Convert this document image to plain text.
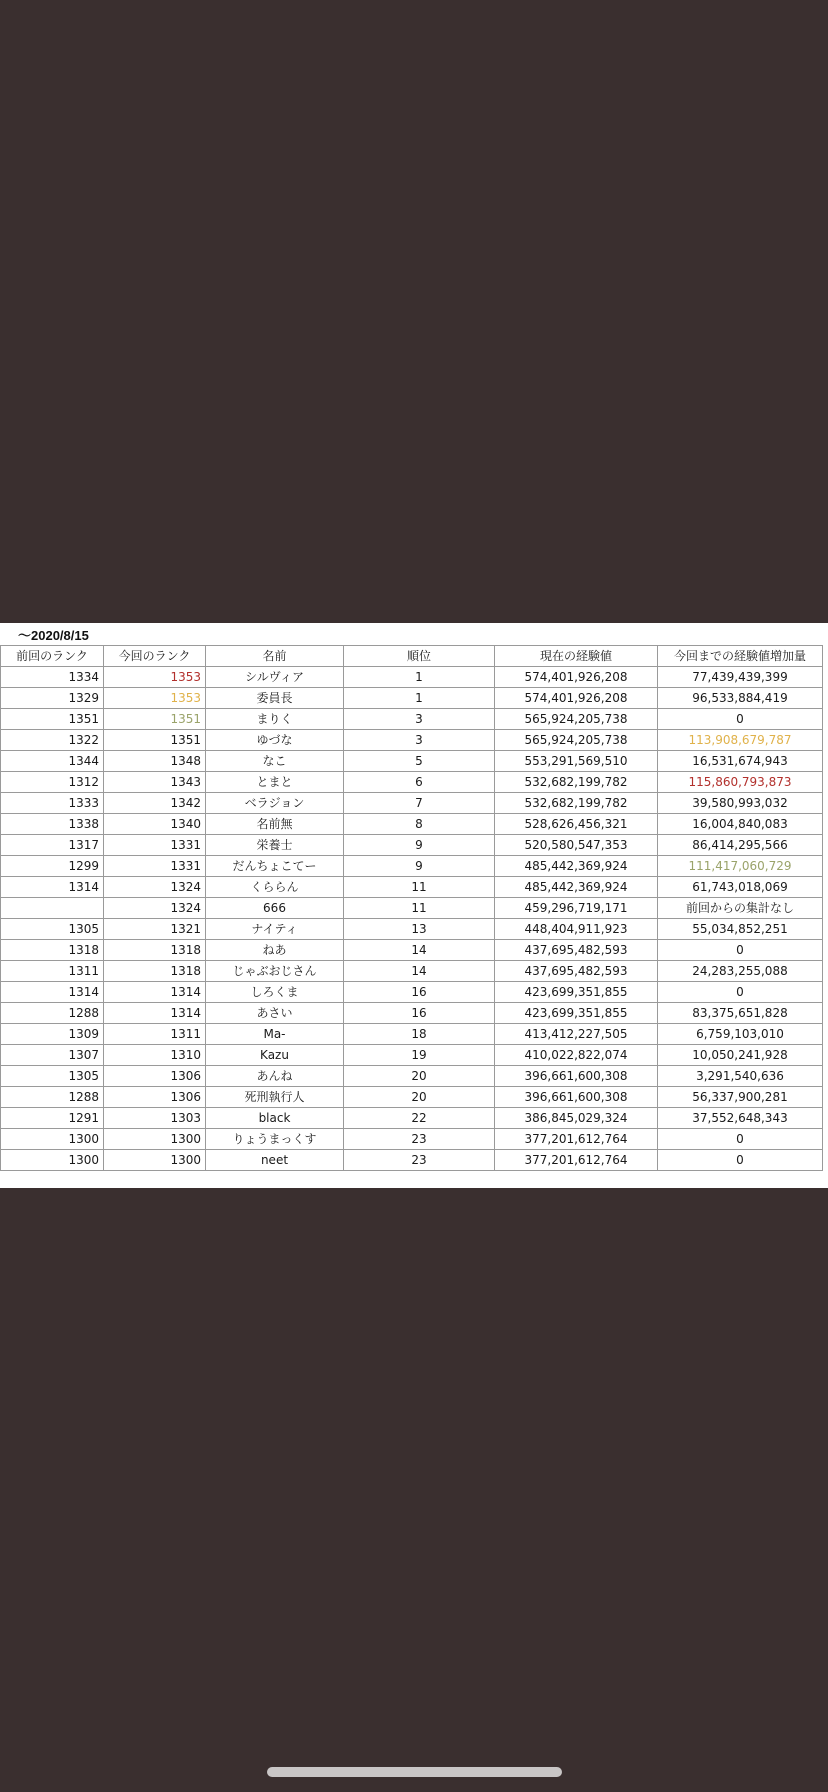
〜2020/8/15
前回のランク	今回のランク	名前	順位	現在の経験値	今回までの経験値増加量
1334	1353	シルヴィア	1	574,401,926,208	77,439,439,399
1329	1353	委員長	1	574,401,926,208	96,533,884,419
1351	1351	まりく	3	565,924,205,738	0
1322	1351	ゆづな	3	565,924,205,738	113,908,679,787
1344	1348	なこ	5	553,291,569,510	16,531,674,943
1312	1343	とまと	6	532,682,199,782	115,860,793,873
1333	1342	ベラジョン	7	532,682,199,782	39,580,993,032
1338	1340	名前無	8	528,626,456,321	16,004,840,083
1317	1331	栄養士	9	520,580,547,353	86,414,295,566
1299	1331	だんちょこてー	9	485,442,369,924	111,417,060,729
1314	1324	くららん	11	485,442,369,924	61,743,018,069
	1324	666	11	459,296,719,171	前回からの集計なし
1305	1321	ナイティ	13	448,404,911,923	55,034,852,251
1318	1318	ねあ	14	437,695,482,593	0
1311	1318	じゃぶおじさん	14	437,695,482,593	24,283,255,088
1314	1314	しろくま	16	423,699,351,855	0
1288	1314	あさい	16	423,699,351,855	83,375,651,828
1309	1311	Ma-	18	413,412,227,505	6,759,103,010
1307	1310	Kazu	19	410,022,822,074	10,050,241,928
1305	1306	あんね	20	396,661,600,308	3,291,540,636
1288	1306	死刑執行人	20	396,661,600,308	56,337,900,281
1291	1303	black	22	386,845,029,324	37,552,648,343
1300	1300	りょうまっくす	23	377,201,612,764	0
1300	1300	neet	23	377,201,612,764	0
